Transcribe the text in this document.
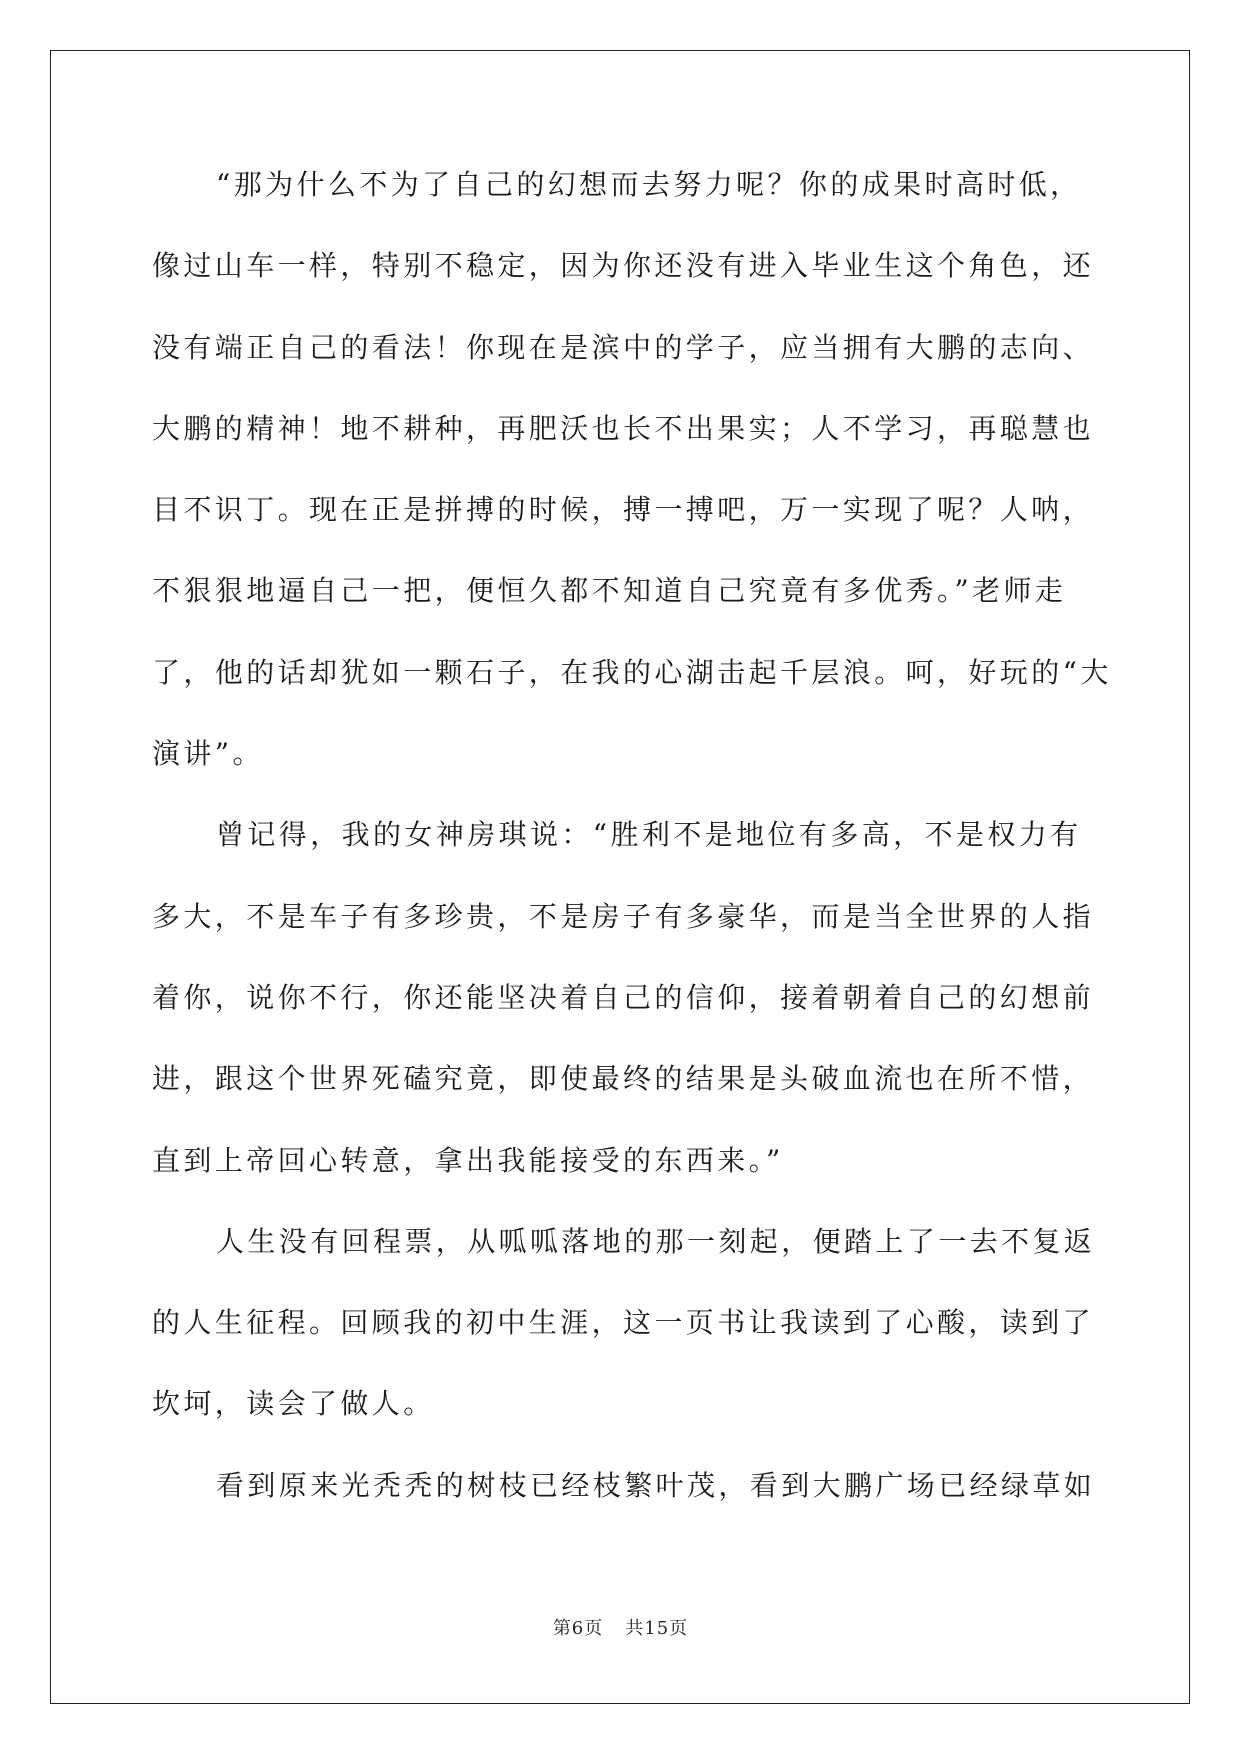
“那为什么不为了自己的幻想而去努力呢？你的成果时高时低，
像过山车一样，特别不稳定，因为你还没有进入毕业生这个角色，还
没有端正自己的看法！你现在是滨中的学子，应当拥有大鹏的志向、
大鹏的精神！地不耕种，再肥沃也长不出果实；人不学习，再聪慧也
目不识丁。现在正是拼搏的时候，搏一搏吧，万一实现了呢？人呐，
不狠狠地逼自己一把，便恒久都不知道自己究竟有多优秀。”老师走
了，他的话却犹如一颗石子，在我的心湖击起千层浪。呵，好玩的“大
演讲”。
曾记得，我的女神房琪说：“胜利不是地位有多高，不是权力有
多大，不是车子有多珍贵，不是房子有多豪华，而是当全世界的人指
着你，说你不行，你还能坚决着自己的信仰，接着朝着自己的幻想前
进，跟这个世界死磕究竟，即使最终的结果是头破血流也在所不惜，
直到上帝回心转意，拿出我能接受的东西来。”
人生没有回程票，从呱呱落地的那一刻起，便踏上了一去不复返
的人生征程。回顾我的初中生涯，这一页书让我读到了心酸，读到了
坎坷，读会了做人。
看到原来光秃秃的树枝已经枝繁叶茂，看到大鹏广场已经绿草如
第6页 共15页
